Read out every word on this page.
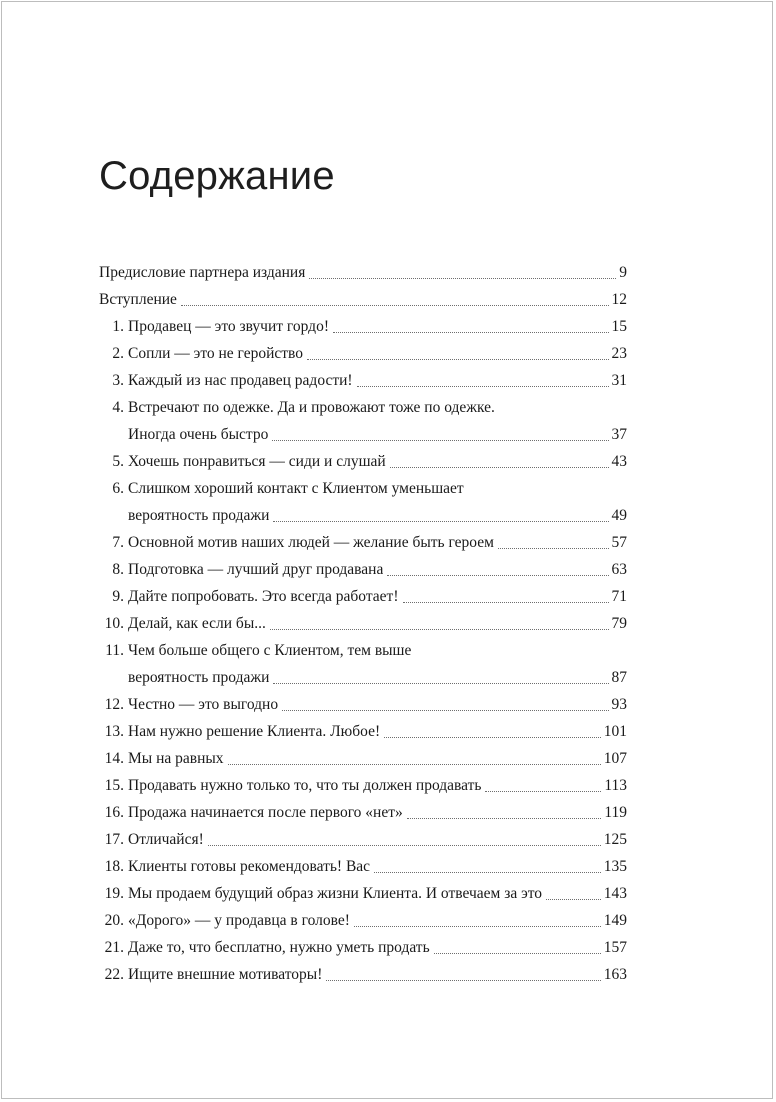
Содержание
Предисловие партнера издания	9
Вступление	12
1. Продавец — это звучит гордо!	15
2. Сопли — это не геройство	23
3. Каждый из нас продавец радости!	31
4. Встречают по одежке. Да и провожают тоже по одежке.
Иногда очень быстро	37
5. Хочешь понравиться — сиди и слушай	43
6. Слишком хороший контакт с Клиентом уменьшает
вероятность продажи	49
7. Основной мотив наших людей — желание быть героем	57
8. Подготовка — лучший друг продавана	63
9. Дайте попробовать. Это всегда работает!	71
10. Делай, как если бы...	79
11. Чем больше общего с Клиентом, тем выше
вероятность продажи	87
12. Честно — это выгодно	93
13. Нам нужно решение Клиента. Любое!	101
14. Мы на равных	107
15. Продавать нужно только то, что ты должен продавать	113
16. Продажа начинается после первого «нет»	119
17. Отличайся!	125
18. Клиенты готовы рекомендовать! Вас	135
19. Мы продаем будущий образ жизни Клиента. И отвечаем за это	143
20. «Дорого» — у продавца в голове!	149
21. Даже то, что бесплатно, нужно уметь продать	157
22. Ищите внешние мотиваторы!	163
